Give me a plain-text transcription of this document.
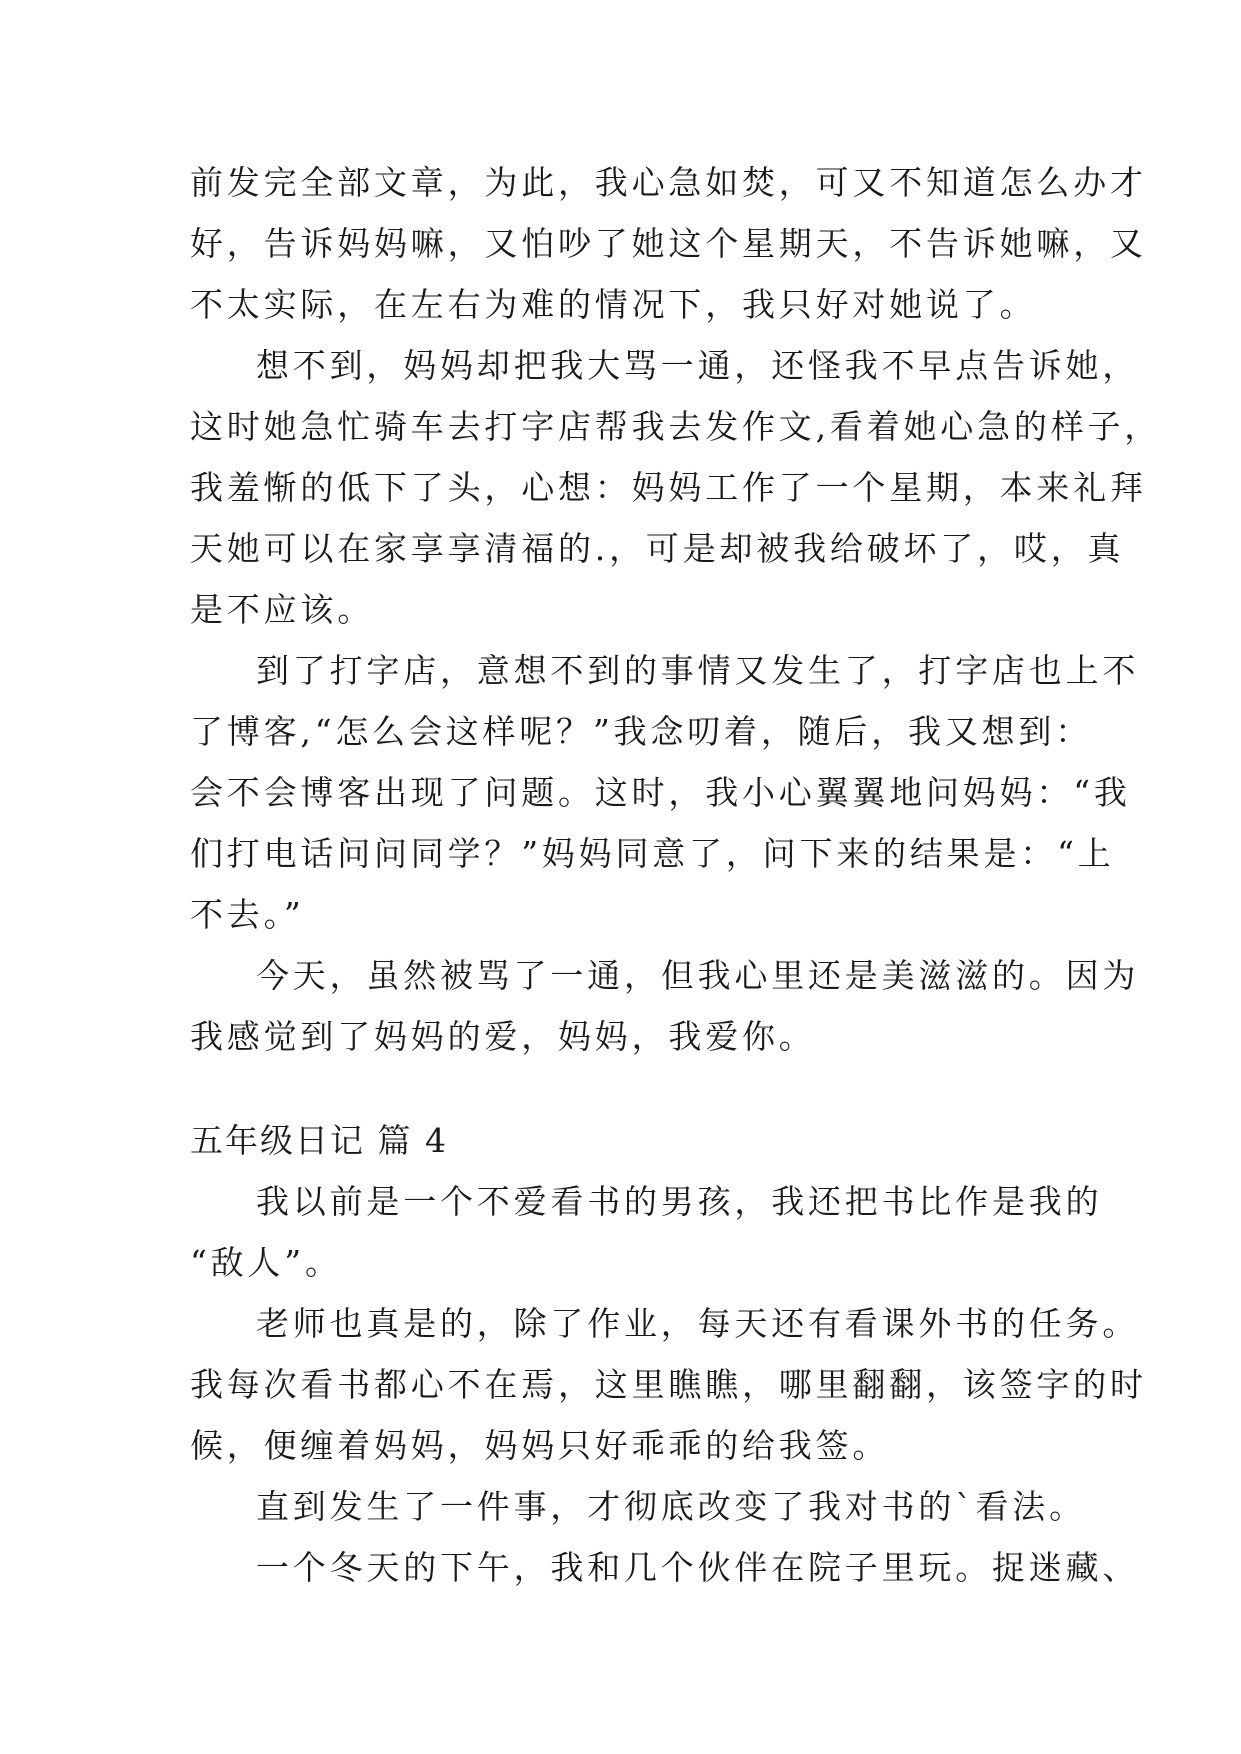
前发完全部文章，为此，我心急如焚，可又不知道怎么办才
好，告诉妈妈嘛，又怕吵了她这个星期天，不告诉她嘛，又
不太实际，在左右为难的情况下，我只好对她说了。
想不到，妈妈却把我大骂一通，还怪我不早点告诉她，
这时她急忙骑车去打字店帮我去发作文,看着她心急的样子，
我羞惭的低下了头，心想：妈妈工作了一个星期，本来礼拜
天她可以在家享享清福的.，可是却被我给破坏了，哎，真
是不应该。
到了打字店，意想不到的事情又发生了，打字店也上不
了博客,“怎么会这样呢？”我念叨着，随后，我又想到：
会不会博客出现了问题。这时，我小心翼翼地问妈妈：“我
们打电话问问同学？”妈妈同意了，问下来的结果是：“上
不去。”
今天，虽然被骂了一通，但我心里还是美滋滋的。因为
我感觉到了妈妈的爱，妈妈，我爱你。
五年级日记 篇 4
我以前是一个不爱看书的男孩，我还把书比作是我的
“敌人”。
老师也真是的，除了作业，每天还有看课外书的任务。
我每次看书都心不在焉，这里瞧瞧，哪里翻翻，该签字的时
候，便缠着妈妈，妈妈只好乖乖的给我签。
直到发生了一件事，才彻底改变了我对书的`看法。
一个冬天的下午，我和几个伙伴在院子里玩。捉迷藏、
